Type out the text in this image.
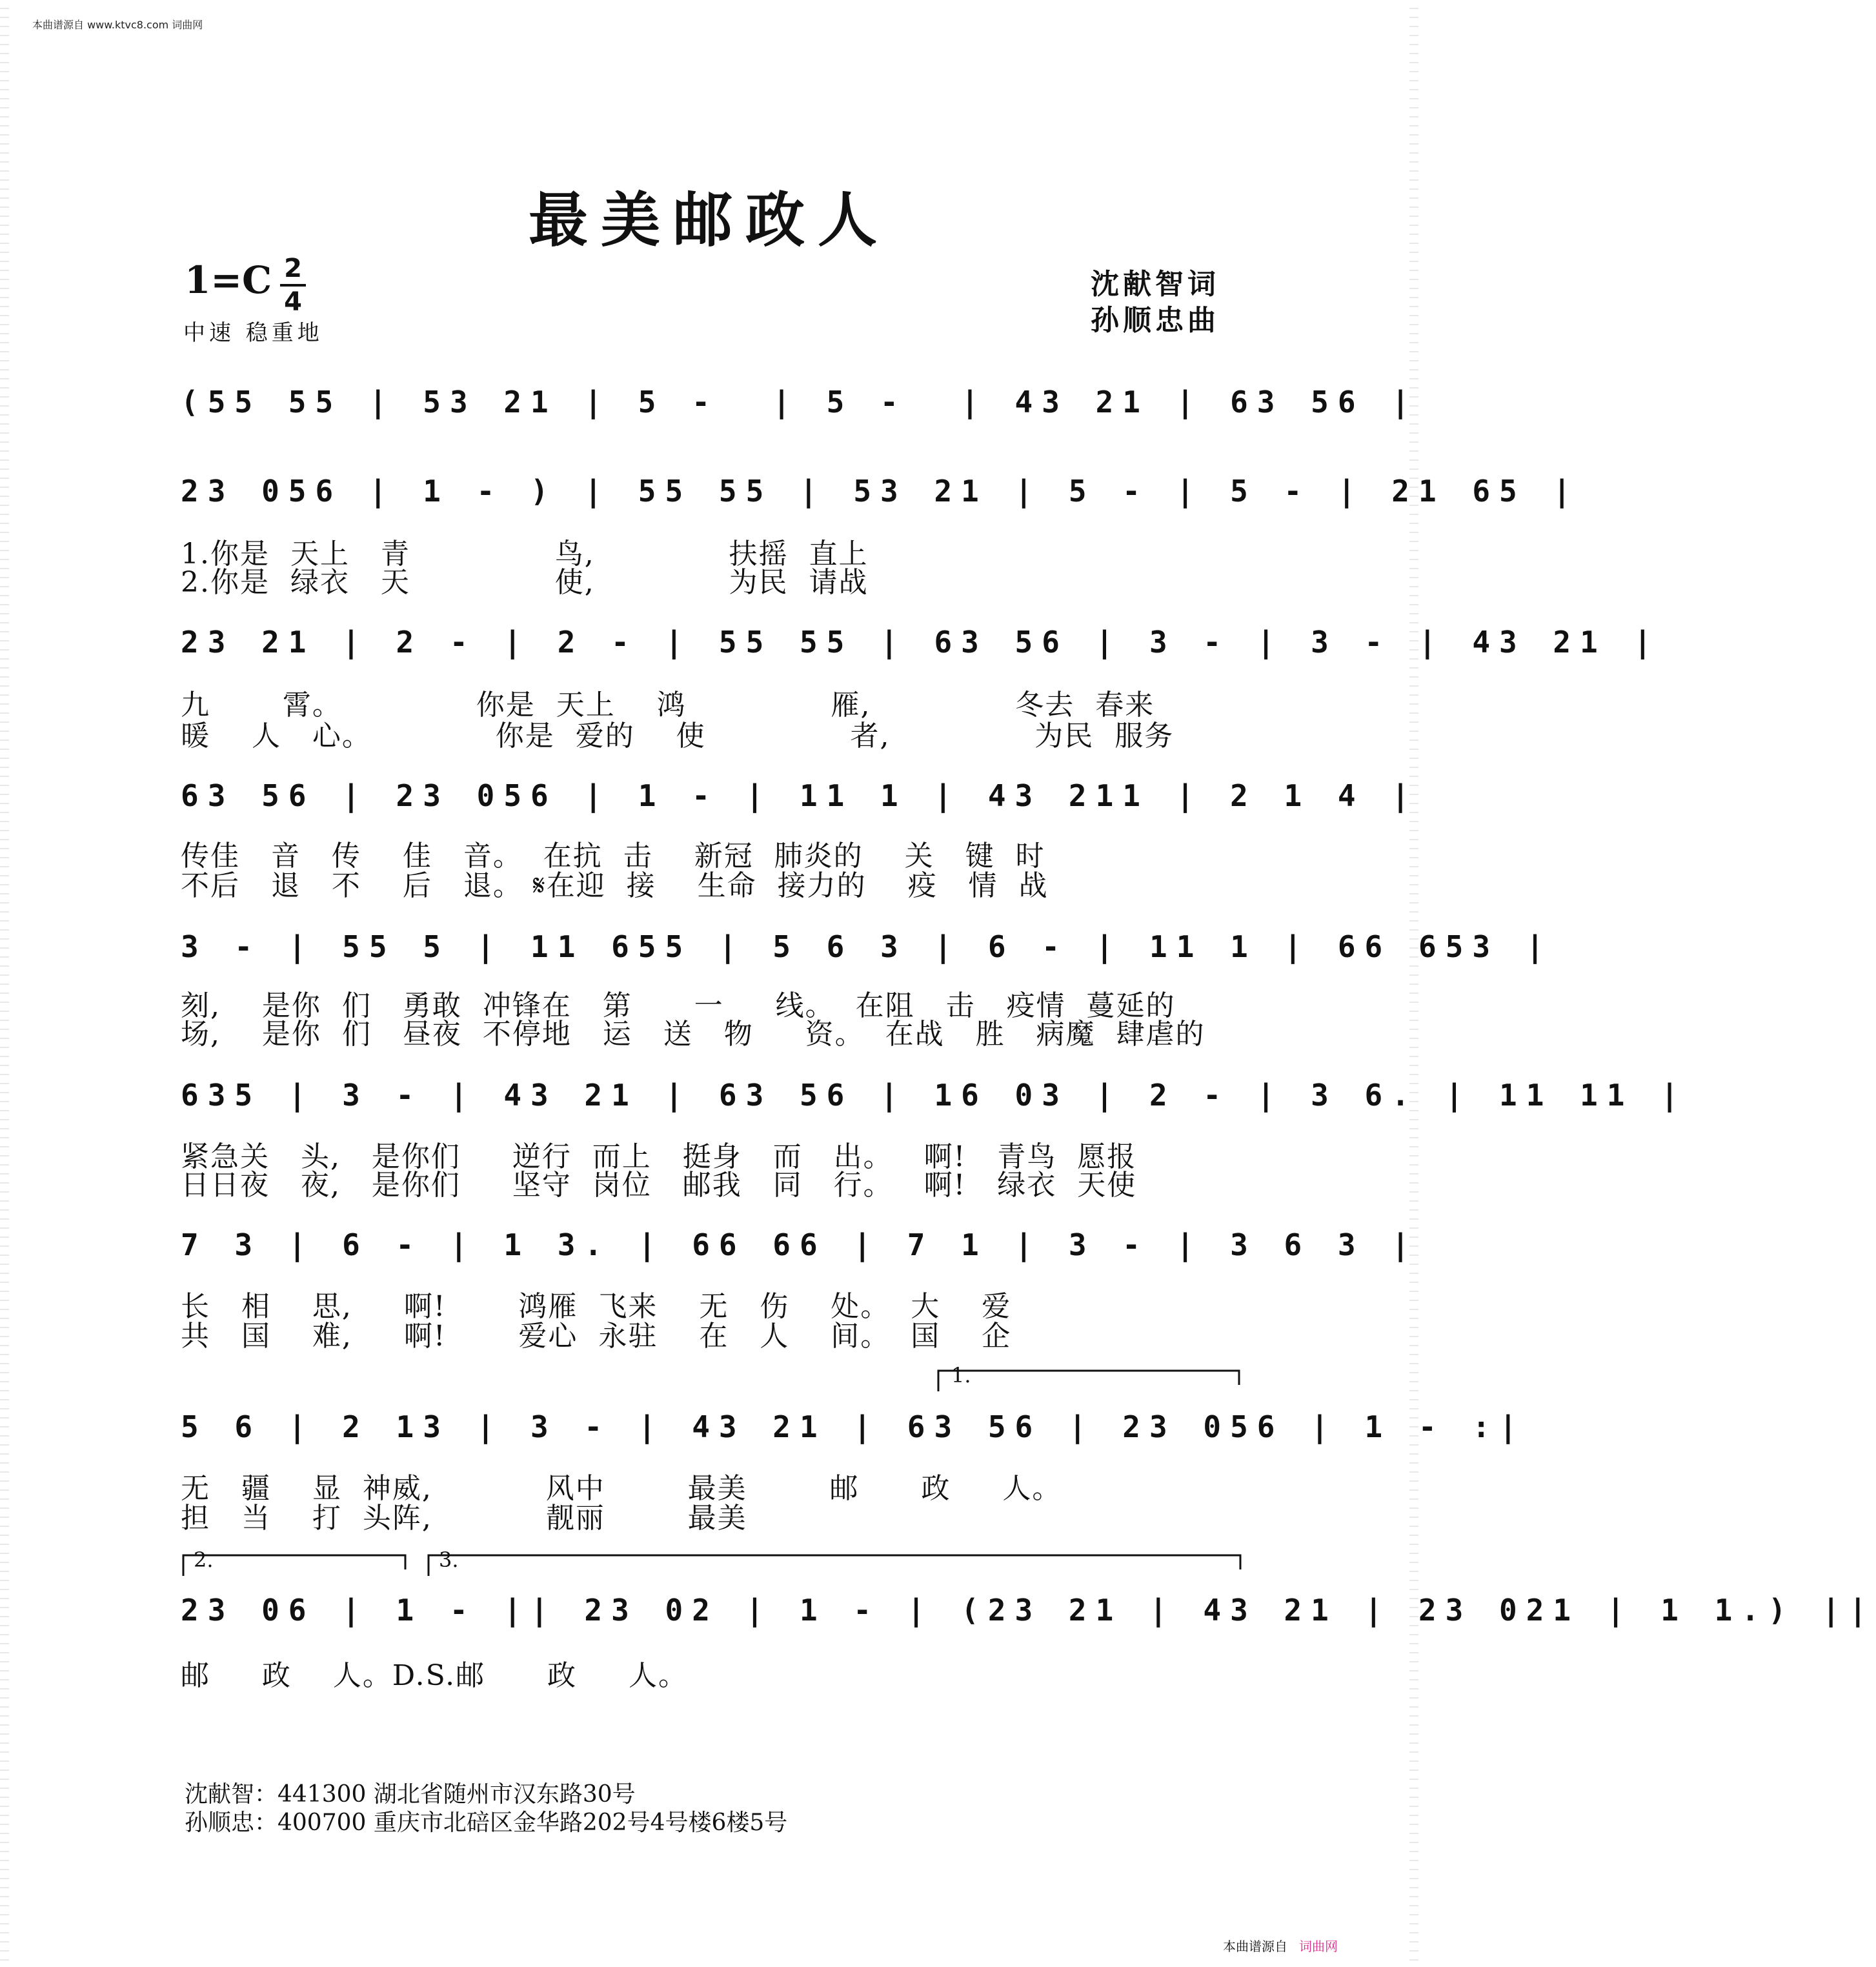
本曲谱源自 www.ktvc8.com 词曲网
最美邮政人
1=C 2
4
中速 稳重地
沈献智词
孙顺忠曲
(55 55 | 53 21 | 5 -  | 5 -  | 43 21 | 63 56 |
23 056 | 1 - ) | 55 55 | 53 21 | 5 - | 5 - | 21 65 |
1.你是  天上   青              鸟,             扶摇  直上
2.你是  绿衣   天              使,             为民  请战
23 21 | 2 - | 2 - | 55 55 | 63 56 | 3 - | 3 - | 43 21 |
九       霄。             你是  天上    鸿              雁,              冬去  春来
暖    人   心。            你是  爱的    使              者,              为民  服务
63 56 | 23 056 | 1 - | 11 1 | 43 211 | 2 1 4 |
传佳   音   传    佳   音。  在抗  击    新冠  肺炎的    关   键  时
不后   退   不    后   退。 𝄋在迎  接    生命  接力的    疫   情  战
3 - | 55 5 | 11 655 | 5 6 3 | 6 - | 11 1 | 66 653 |
刻,    是你  们   勇敢  冲锋在   第      一     线。  在阻   击   疫情  蔓延的
场,    是你  们   昼夜  不停地   运   送   物     资。  在战   胜   病魔  肆虐的
635 | 3 - | 43 21 | 63 56 | 16 03 | 2 - | 3 6. | 11 11 |
紧急关   头,   是你们     逆行  而上   挺身   而   出。   啊!   青鸟  愿报
日日夜   夜,   是你们     坚守  岗位   邮我   同   行。   啊!   绿衣  天使
7 3 | 6 - | 1 3. | 66 66 | 7 1 | 3 - | 3 6 3 |
长   相    思,     啊!       鸿雁  飞来    无   伤    处。  大    爱
共   国    难,     啊!       爱心  永驻    在   人    间。  国    企
1.
5 6 | 2 13 | 3 - | 43 21 | 63 56 | 23 056 | 1 - :|
无   疆    显  神威,           风中        最美        邮      政     人。
担   当    打  头阵,           靓丽        最美
2.	3.
23 06 | 1 - || 23 02 | 1 - | (23 21 | 43 21 | 23 021 | 1 1.) ||
邮     政    人。D.S.邮      政     人。
沈献智：441300 湖北省随州市汉东路30号
孙顺忠：400700 重庆市北碚区金华路202号4号楼6楼5号
本曲谱源自 词曲网
